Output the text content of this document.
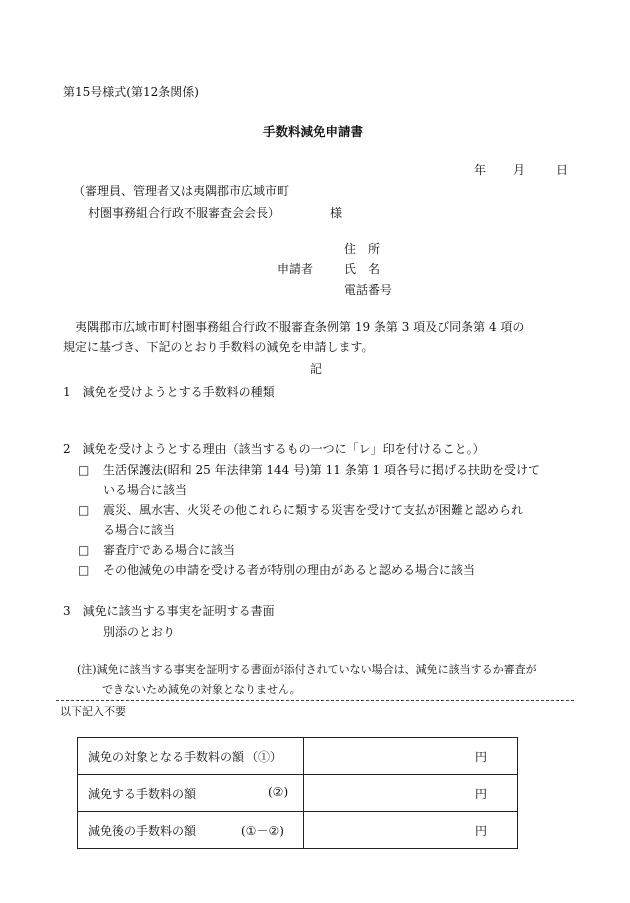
第15号様式(第12条関係)
手数料減免申請書
年 月	日
（審理員、管理者又は夷隅郡市広域市町
村圏事務組合行政不服審査会会長）	様
住　所
申請者	氏　名
電話番号
夷隅郡市広域市町村圏事務組合行政不服審査条例第 19 条第 3 項及び同条第 4 項の
規定に基づき、下記のとおり手数料の減免を申請します。
記
1　減免を受けようとする手数料の種類
2　減免を受けようとする理由（該当するもの一つに「レ」印を付けること。）
□ 生活保護法(昭和 25 年法律第 144 号)第 11 条第 1 項各号に掲げる扶助を受けて
いる場合に該当
□ 震災、風水害、火災その他これらに類する災害を受けて支払が困難と認められ
る場合に該当
□ 審査庁である場合に該当
□ その他減免の申請を受ける者が特別の理由があると認める場合に該当
3　減免に該当する事実を証明する書面
別添のとおり
(注)減免に該当する事実を証明する書面が添付されていない場合は、減免に該当するか審査が
できないため減免の対象となりません。
以下記入不要
減免の対象となる手数料の額 （①）	円

減免する手数料の額 (②)	円

減免後の手数料の額 (①－②)	円
